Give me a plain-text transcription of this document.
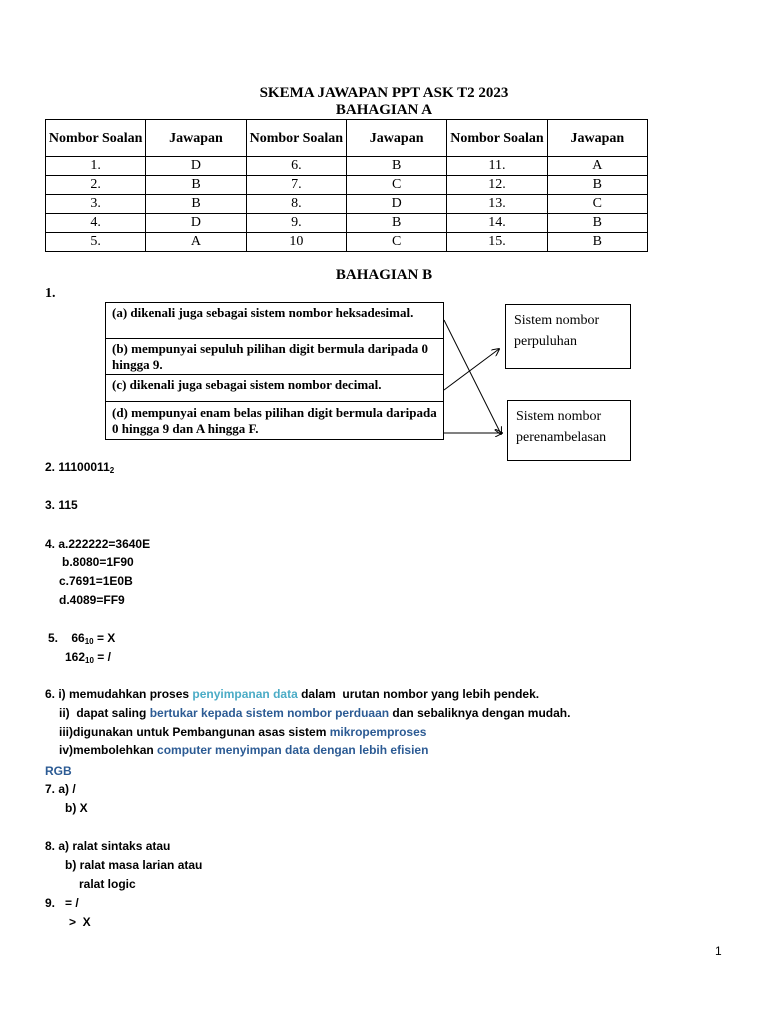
SKEMA JAWAPAN PPT ASK T2 2023
BAHAGIAN A
Nombor Soalan	Jawapan	Nombor Soalan	Jawapan	Nombor Soalan	Jawapan
1.	D	6.	B	11.	A
2.	B	7.	C	12.	B
3.	B	8.	D	13.	C
4.	D	9.	B	14.	B
5.	A	10	C	15.	B
BAHAGIAN B
1.
(a) dikenali juga sebagai sistem nombor heksadesimal.
(b) mempunyai sepuluh pilihan digit bermula daripada 0 hingga 9.
(c) dikenali juga sebagai sistem nombor decimal.
(d) mempunyai enam belas pilihan digit bermula daripada 0 hingga 9 dan A hingga F.
Sistem nombor perpuluhan
Sistem nombor perenambelasan
2. $11100011_2$
3. 115
4. a.222222=3640E
b.8080=1F90
c.7691=1E0B
d.4089=FF9
5.    $66_{10} = X$
$162_{10}$ = /
6. i) memudahkan proses penyimpanan data dalam  urutan nombor yang lebih pendek.
ii)  dapat saling bertukar kepada sistem nombor perduaan dan sebaliknya dengan mudah.
iii)digunakan untuk Pembangunan asas sistem mikropemproses
iv)membolehkan computer menyimpan data dengan lebih efisien
RGB
7. a) /
b) X
8. a) ralat sintaks atau
b) ralat masa larian atau
ralat logic
9.   = /
>  X
1
